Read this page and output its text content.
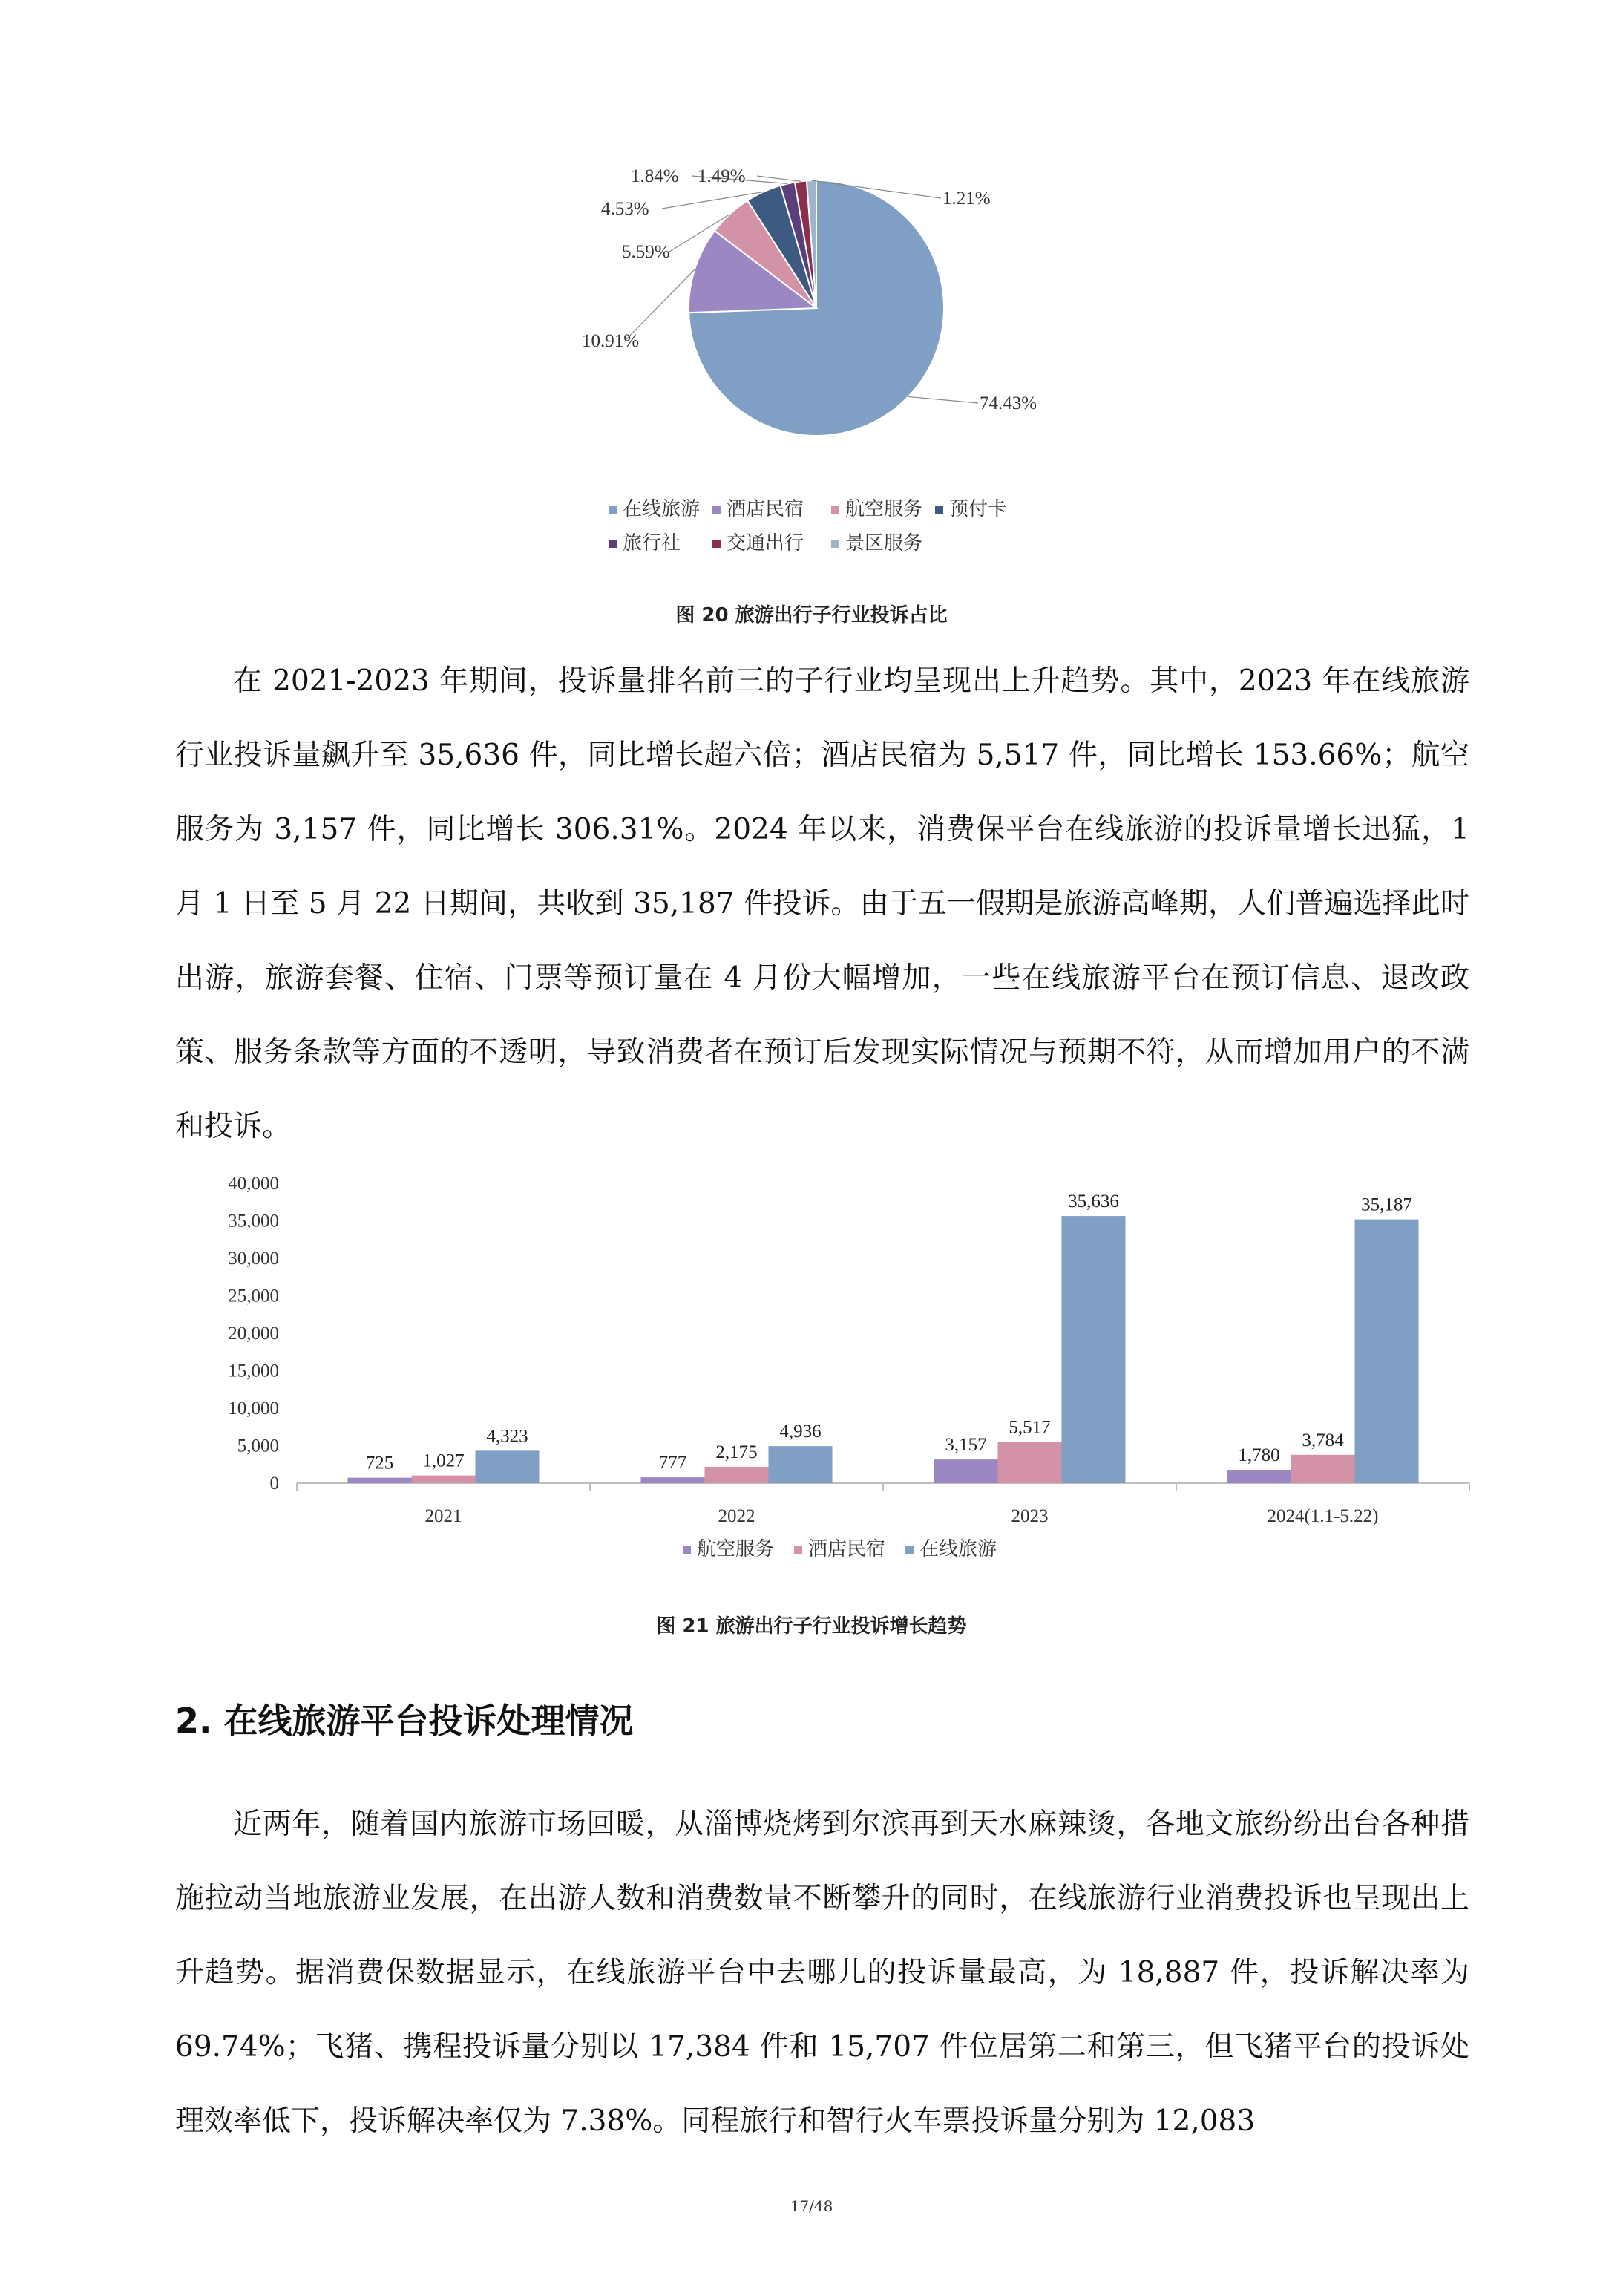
74.43%
10.91%
5.59%
4.53%
1.84% 1.49%
1.21%
在线旅游	酒店民宿	航空服务	预付卡
旅行社	交通出行	景区服务
图 20 旅游出行子行业投诉占比

在 2021-2023 年期间，投诉量排名前三的子行业均呈现出上升趋势。其中，2023 年在线旅游行业投诉量飙升至 35,636 件，同比增长超六倍；酒店民宿为 5,517 件，同比增长 153.66%；航空服务为 3,157 件，同比增长 306.31%。2024 年以来，消费保平台在线旅游的投诉量增长迅猛，1 月 1 日至 5 月 22 日期间，共收到 35,187 件投诉。由于五一假期是旅游高峰期，人们普遍选择此时出游，旅游套餐、住宿、门票等预订量在 4 月份大幅增加，一些在线旅游平台在预订信息、退改政策、服务条款等方面的不透明，导致消费者在预订后发现实际情况与预期不符，从而增加用户的不满和投诉。

0
5,000
10,000
15,000
20,000
25,000
30,000
35,000
40,000
2021	2022	2023	2024(1.1-5.22)
725 1,027
4,323
777
2,175
4,936
3,157
5,517
35,636
1,780
3,784
35,187
航空服务	酒店民宿	在线旅游
图 21 旅游出行子行业投诉增长趋势
2. 在线旅游平台投诉处理情况

近两年，随着国内旅游市场回暖，从淄博烧烤到尔滨再到天水麻辣烫，各地文旅纷纷出台各种措施拉动当地旅游业发展，在出游人数和消费数量不断攀升的同时，在线旅游行业消费投诉也呈现出上升趋势。据消费保数据显示，在线旅游平台中去哪儿的投诉量最高，为 18,887 件，投诉解决率为 69.74%；飞猪、携程投诉量分别以 17,384 件和 15,707 件位居第二和第三，但飞猪平台的投诉处理效率低下，投诉解决率仅为 7.38%。同程旅行和智行火车票投诉量分别为 12,083

17/48
